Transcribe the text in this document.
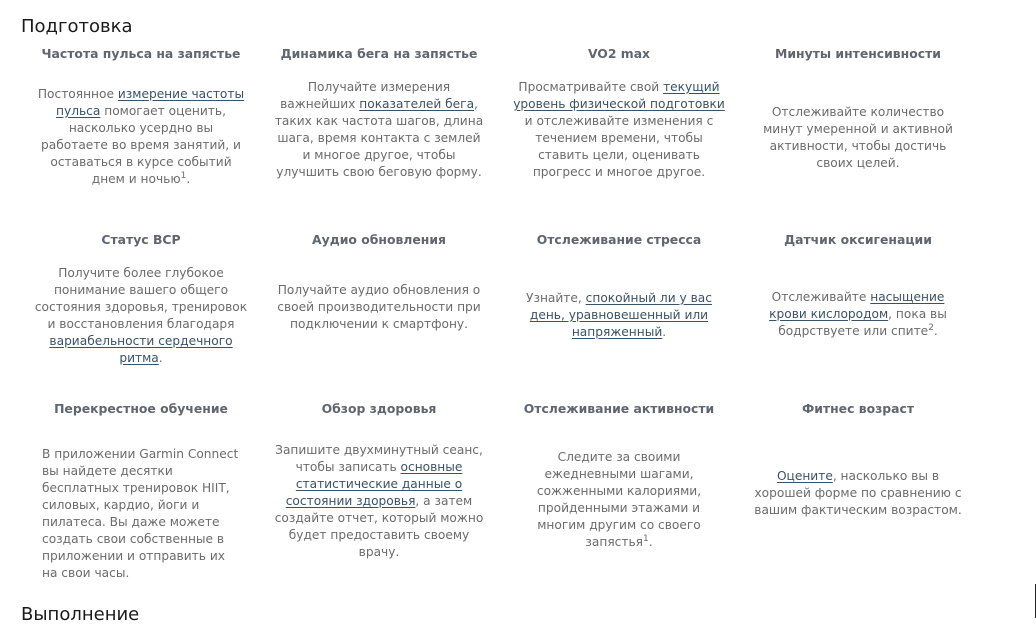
Подготовка
Частота пульса на запястье
Постоянное измерение частоты пульса помогает оценить, насколько усердно вы работаете во время занятий, и оставаться в курсе событий днем и ночью$^1$.
Динамика бега на запястье
Получайте измерения важнейших показателей бега, таких как частота шагов, длина шага, время контакта с землей и многое другое, чтобы улучшить свою беговую форму.
VO2 max
Просматривайте свой текущий уровень физической подготовки и отслеживайте изменения с течением времени, чтобы ставить цели, оценивать прогресс и многое другое.
Минуты интенсивности
Отслеживайте количество минут умеренной и активной активности, чтобы достичь своих целей.
Статус ВСР
Получите более глубокое понимание вашего общего состояния здоровья, тренировок и восстановления благодаря вариабельности сердечного ритма.
Аудио обновления
Получайте аудио обновления о своей производительности при подключении к смартфону.
Отслеживание стресса
Узнайте, спокойный ли у вас день, уравновешенный или напряженный.
Датчик оксигенации
Отслеживайте насыщение крови кислородом, пока вы бодрствуете или спите$^2$.
Перекрестное обучение
В приложении Garmin Connect вы найдете десятки бесплатных тренировок HIIT, силовых, кардио, йоги и пилатеса. Вы даже можете создать свои собственные в приложении и отправить их на свои часы.
Обзор здоровья
Запишите двухминутный сеанс, чтобы записать основные статистические данные о состоянии здоровья, а затем создайте отчет, который можно будет предоставить своему врачу.
Отслеживание активности
Следите за своими ежедневными шагами, сожженными калориями, пройденными этажами и многим другим со своего запястья$^1$.
Фитнес возраст
Оцените, насколько вы в хорошей форме по сравнению с вашим фактическим возрастом.
Выполнение
